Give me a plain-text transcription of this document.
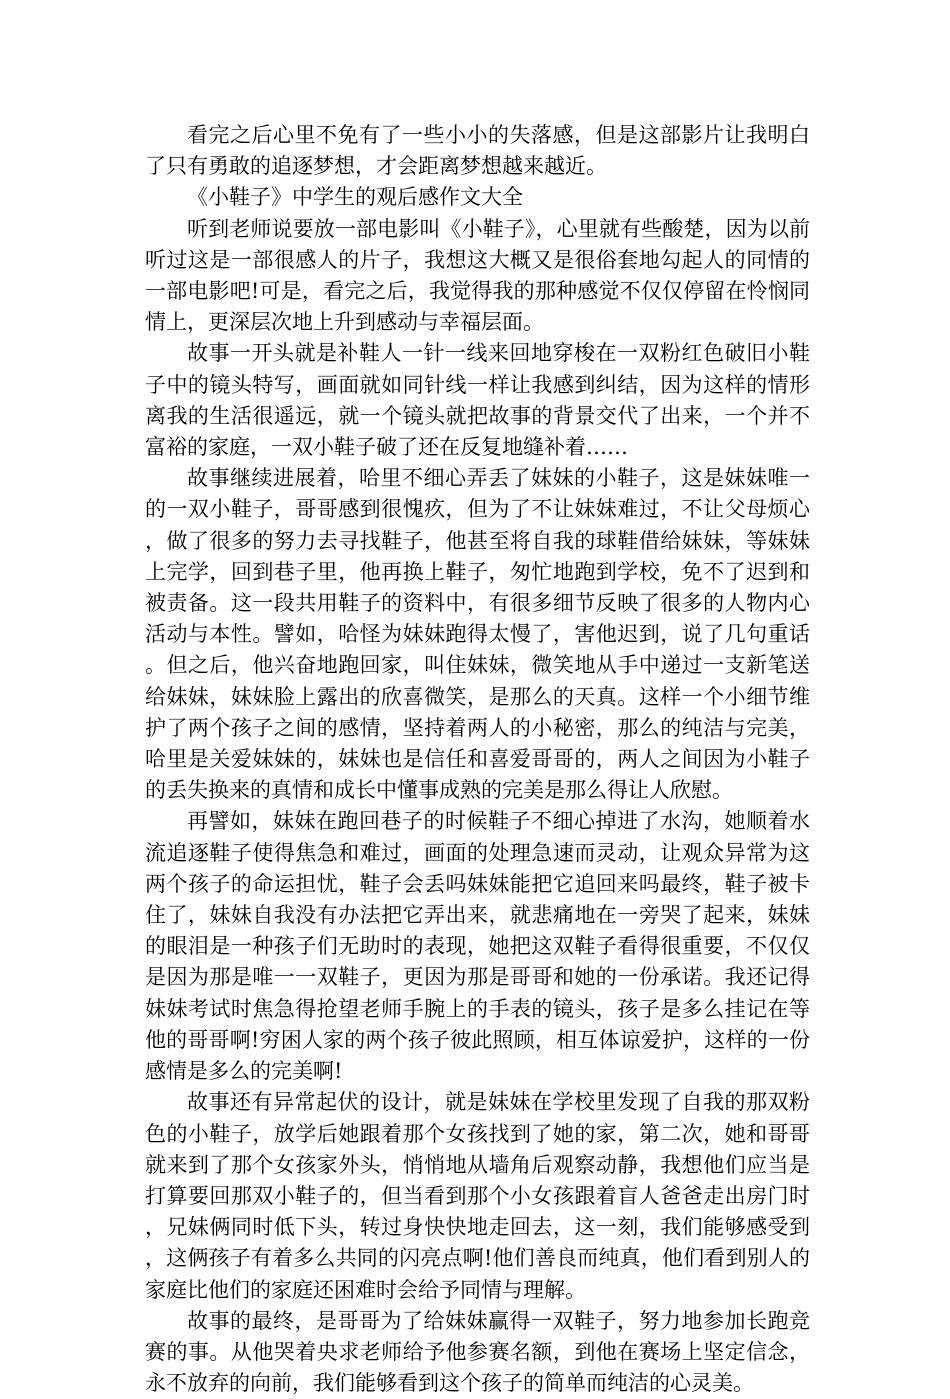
看完之后心里不免有了一些小小的失落感，但是这部影片让我明白了只有勇敢的追逐梦想，才会距离梦想越来越近。

《小鞋子》中学生的观后感作文大全

听到老师说要放一部电影叫《小鞋子》，心里就有些酸楚，因为以前听过这是一部很感人的片子，我想这大概又是很俗套地勾起人的同情的一部电影吧!可是，看完之后，我觉得我的那种感觉不仅仅停留在怜悯同情上，更深层次地上升到感动与幸福层面。

故事一开头就是补鞋人一针一线来回地穿梭在一双粉红色破旧小鞋子中的镜头特写，画面就如同针线一样让我感到纠结，因为这样的情形离我的生活很遥远，就一个镜头就把故事的背景交代了出来，一个并不富裕的家庭，一双小鞋子破了还在反复地缝补着……

故事继续进展着，哈里不细心弄丢了妹妹的小鞋子，这是妹妹唯一的一双小鞋子，哥哥感到很愧疚，但为了不让妹妹难过，不让父母烦心，做了很多的努力去寻找鞋子，他甚至将自我的球鞋借给妹妹，等妹妹上完学，回到巷子里，他再换上鞋子，匆忙地跑到学校，免不了迟到和被责备。这一段共用鞋子的资料中，有很多细节反映了很多的人物内心活动与本性。譬如，哈怪为妹妹跑得太慢了，害他迟到，说了几句重话。但之后，他兴奋地跑回家，叫住妹妹，微笑地从手中递过一支新笔送给妹妹，妹妹脸上露出的欣喜微笑，是那么的天真。这样一个小细节维护了两个孩子之间的感情，坚持着两人的小秘密，那么的纯洁与完美，哈里是关爱妹妹的，妹妹也是信任和喜爱哥哥的，两人之间因为小鞋子的丢失换来的真情和成长中懂事成熟的完美是那么得让人欣慰。

再譬如，妹妹在跑回巷子的时候鞋子不细心掉进了水沟，她顺着水流追逐鞋子使得焦急和难过，画面的处理急速而灵动，让观众异常为这两个孩子的命运担忧，鞋子会丢吗妹妹能把它追回来吗最终，鞋子被卡住了，妹妹自我没有办法把它弄出来，就悲痛地在一旁哭了起来，妹妹的眼泪是一种孩子们无助时的表现，她把这双鞋子看得很重要，不仅仅是因为那是唯一一双鞋子，更因为那是哥哥和她的一份承诺。我还记得妹妹考试时焦急得抢望老师手腕上的手表的镜头，孩子是多么挂记在等他的哥哥啊!穷困人家的两个孩子彼此照顾，相互体谅爱护，这样的一份感情是多么的完美啊!

故事还有异常起伏的设计，就是妹妹在学校里发现了自我的那双粉色的小鞋子，放学后她跟着那个女孩找到了她的家，第二次，她和哥哥就来到了那个女孩家外头，悄悄地从墙角后观察动静，我想他们应当是打算要回那双小鞋子的，但当看到那个小女孩跟着盲人爸爸走出房门时，兄妹俩同时低下头，转过身快快地走回去，这一刻，我们能够感受到，这俩孩子有着多么共同的闪亮点啊!他们善良而纯真，他们看到别人的家庭比他们的家庭还困难时会给予同情与理解。

故事的最终，是哥哥为了给妹妹赢得一双鞋子，努力地参加长跑竞赛的事。从他哭着央求老师给予他参赛名额，到他在赛场上坚定信念，永不放弃的向前，我们能够看到这个孩子的简单而纯洁的心灵美。
